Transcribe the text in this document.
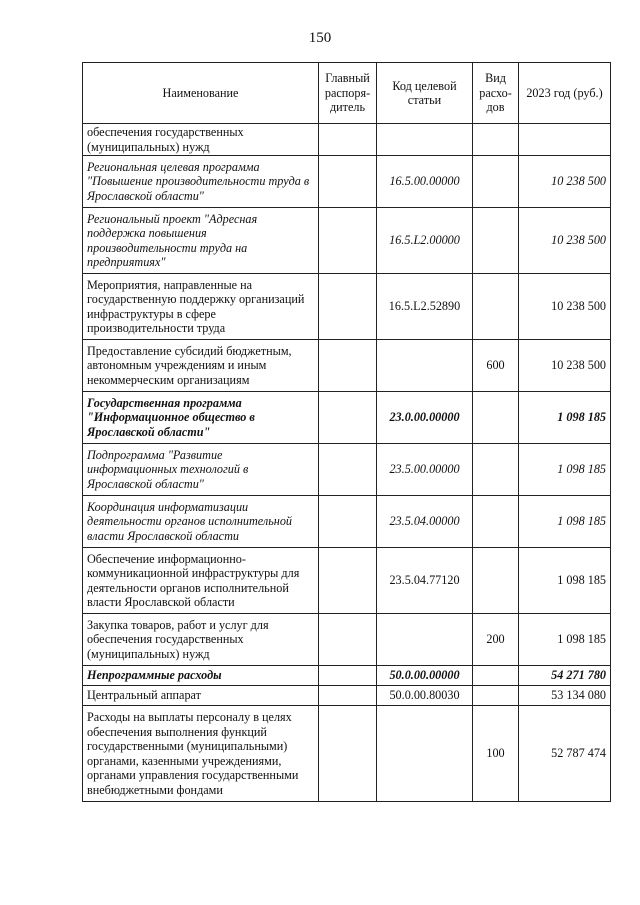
150
Наименование	Главный распоря-дитель	Код целевой статьи	Вид расхо-дов	2023 год (руб.)
обеспечения государственных (муниципальных) нужд				
Региональная целевая программа "Повышение производительности труда в Ярославской области"		16.5.00.00000		10 238 500
Региональный проект "Адресная поддержка повышения производительности труда на предприятиях"		16.5.L2.00000		10 238 500
Мероприятия, направленные на государственную поддержку организаций инфраструктуры в сфере производительности труда		16.5.L2.52890		10 238 500
Предоставление субсидий бюджетным, автономным учреждениям и иным некоммерческим организациям			600	10 238 500
Государственная программа "Информационное общество в Ярославской области"		23.0.00.00000		1 098 185
Подпрограмма "Развитие информационных технологий в Ярославской области"		23.5.00.00000		1 098 185
Координация информатизации деятельности органов исполнительной власти Ярославской области		23.5.04.00000		1 098 185
Обеспечение информационно-коммуникационной инфраструктуры для деятельности органов исполнительной власти Ярославской области		23.5.04.77120		1 098 185
Закупка товаров, работ и услуг для обеспечения государственных (муниципальных) нужд			200	1 098 185
Непрограммные расходы		50.0.00.00000		54 271 780
Центральный аппарат		50.0.00.80030		53 134 080
Расходы на выплаты персоналу в целях обеспечения выполнения функций государственными (муниципальными) органами, казенными учреждениями, органами управления государственными внебюджетными фондами			100	52 787 474
